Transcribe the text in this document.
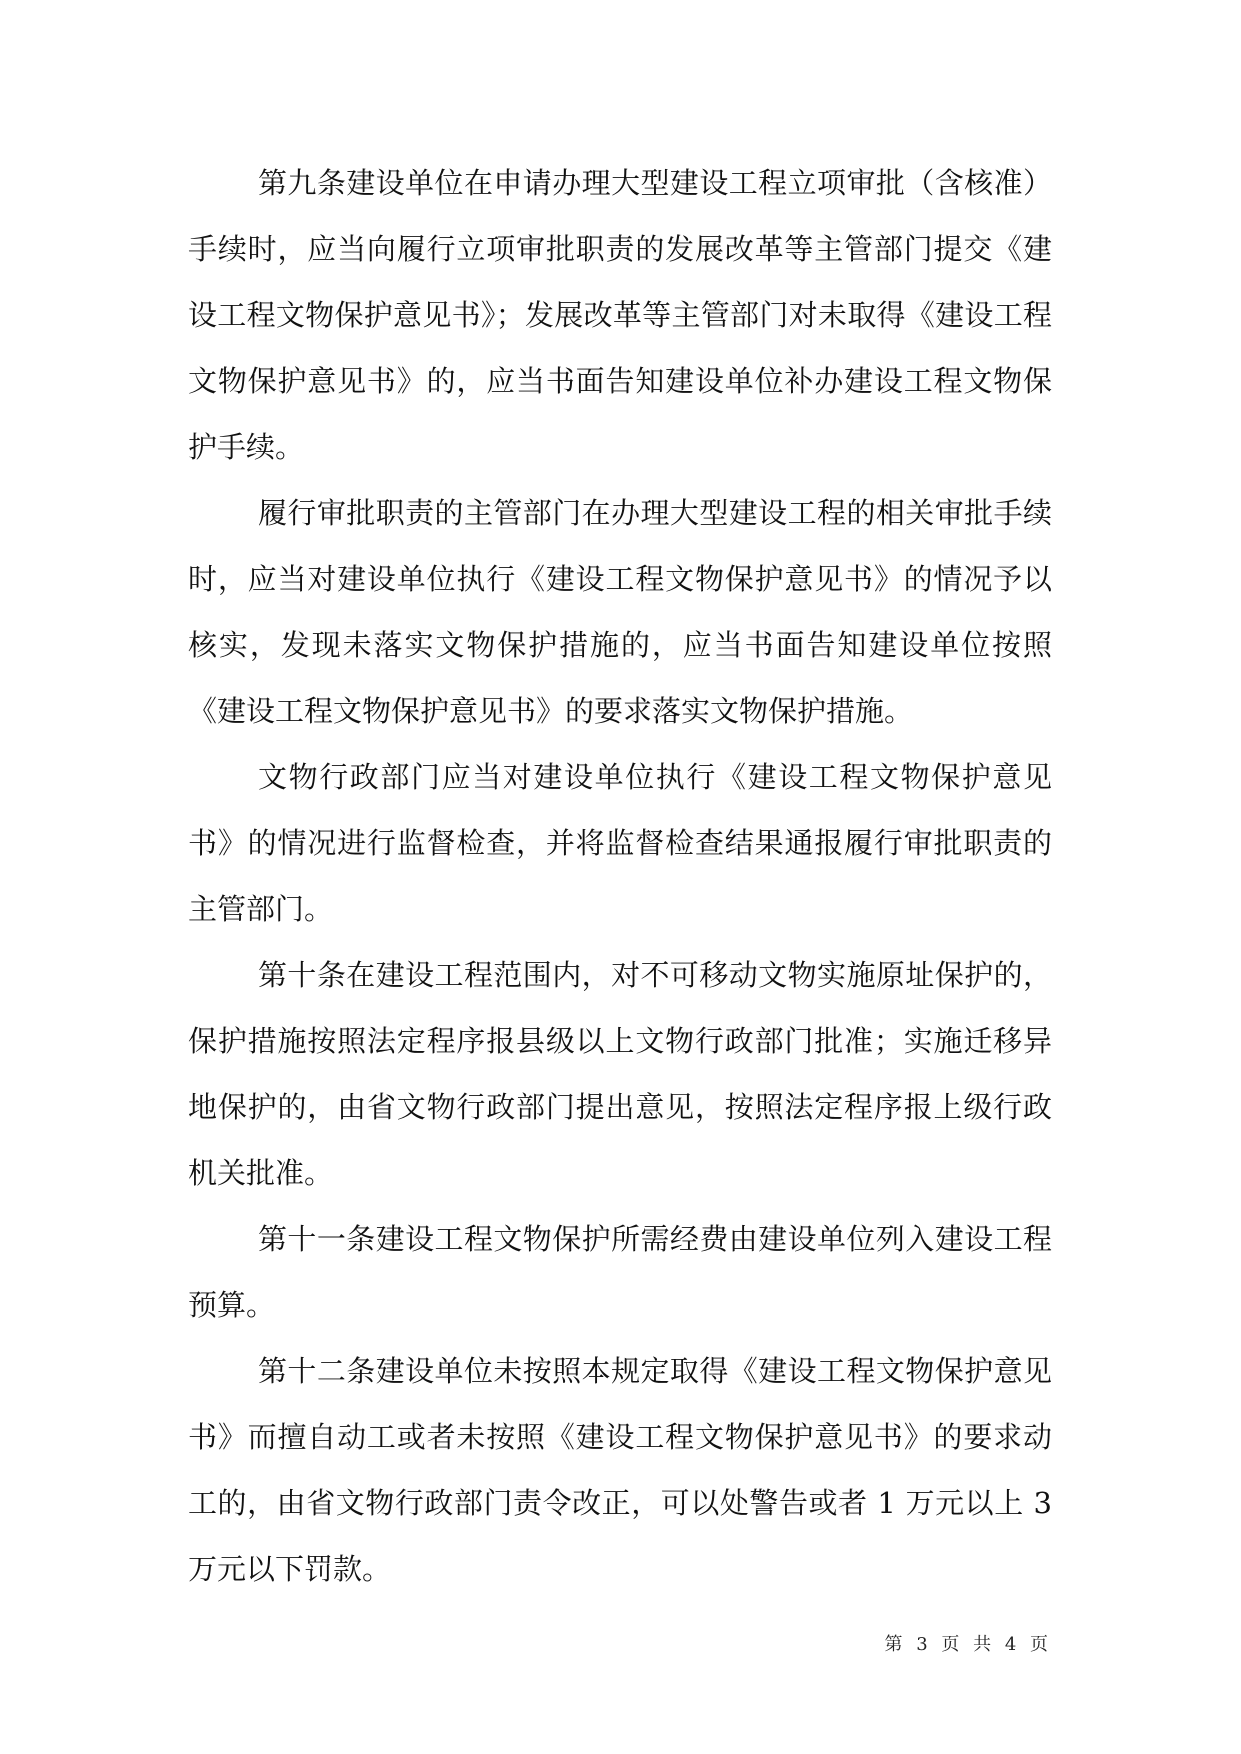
第九条建设单位在申请办理大型建设工程立项审批（含核准）手续时，应当向履行立项审批职责的发展改革等主管部门提交《建设工程文物保护意见书》；发展改革等主管部门对未取得《建设工程文物保护意见书》的，应当书面告知建设单位补办建设工程文物保护手续。

履行审批职责的主管部门在办理大型建设工程的相关审批手续时，应当对建设单位执行《建设工程文物保护意见书》的情况予以核实，发现未落实文物保护措施的，应当书面告知建设单位按照《建设工程文物保护意见书》的要求落实文物保护措施。

文物行政部门应当对建设单位执行《建设工程文物保护意见书》的情况进行监督检查，并将监督检查结果通报履行审批职责的主管部门。

第十条在建设工程范围内，对不可移动文物实施原址保护的，保护措施按照法定程序报县级以上文物行政部门批准；实施迁移异地保护的，由省文物行政部门提出意见，按照法定程序报上级行政机关批准。

第十一条建设工程文物保护所需经费由建设单位列入建设工程预算。

第十二条建设单位未按照本规定取得《建设工程文物保护意见书》而擅自动工或者未按照《建设工程文物保护意见书》的要求动工的，由省文物行政部门责令改正，可以处警告或者 1 万元以上 3 万元以下罚款。

第 3 页 共 4 页
